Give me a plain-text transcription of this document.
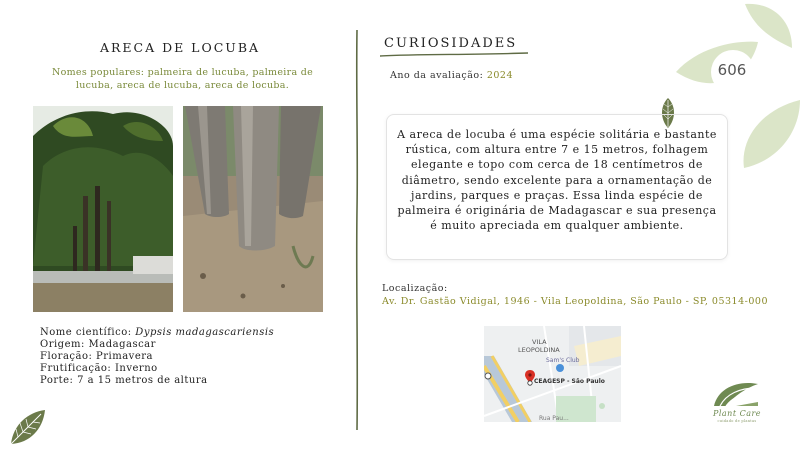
606
ARECA DE LOCUBA
Nomes populares: palmeira de lucuba, palmeira de lucuba, areca de lucuba, areca de locuba.
Nome científico: Dypsis madagascariensis
Origem: Madagascar
Floração: Primavera
Frutificação: Inverno
Porte: 7 a 15 metros de altura
CURIOSIDADES
Ano da avaliação: 2024
A areca de locuba é uma espécie solitária e bastante rústica, com altura entre 7 e 15 metros, folhagem elegante e topo com cerca de 18 centímetros de diâmetro, sendo excelente para a ornamentação de jardins, parques e praças. Essa linda espécie de palmeira é originária de Madagascar e sua presença é muito apreciada em qualquer ambiente.
Localização:
Av. Dr. Gastão Vidigal, 1946 - Vila Leopoldina, São Paulo - SP, 05314-000
VILA
LEOPOLDINA
Sam's Club
CEAGESP - São Paulo
Rua Pau...
Plant Care
cuidado de plantas
